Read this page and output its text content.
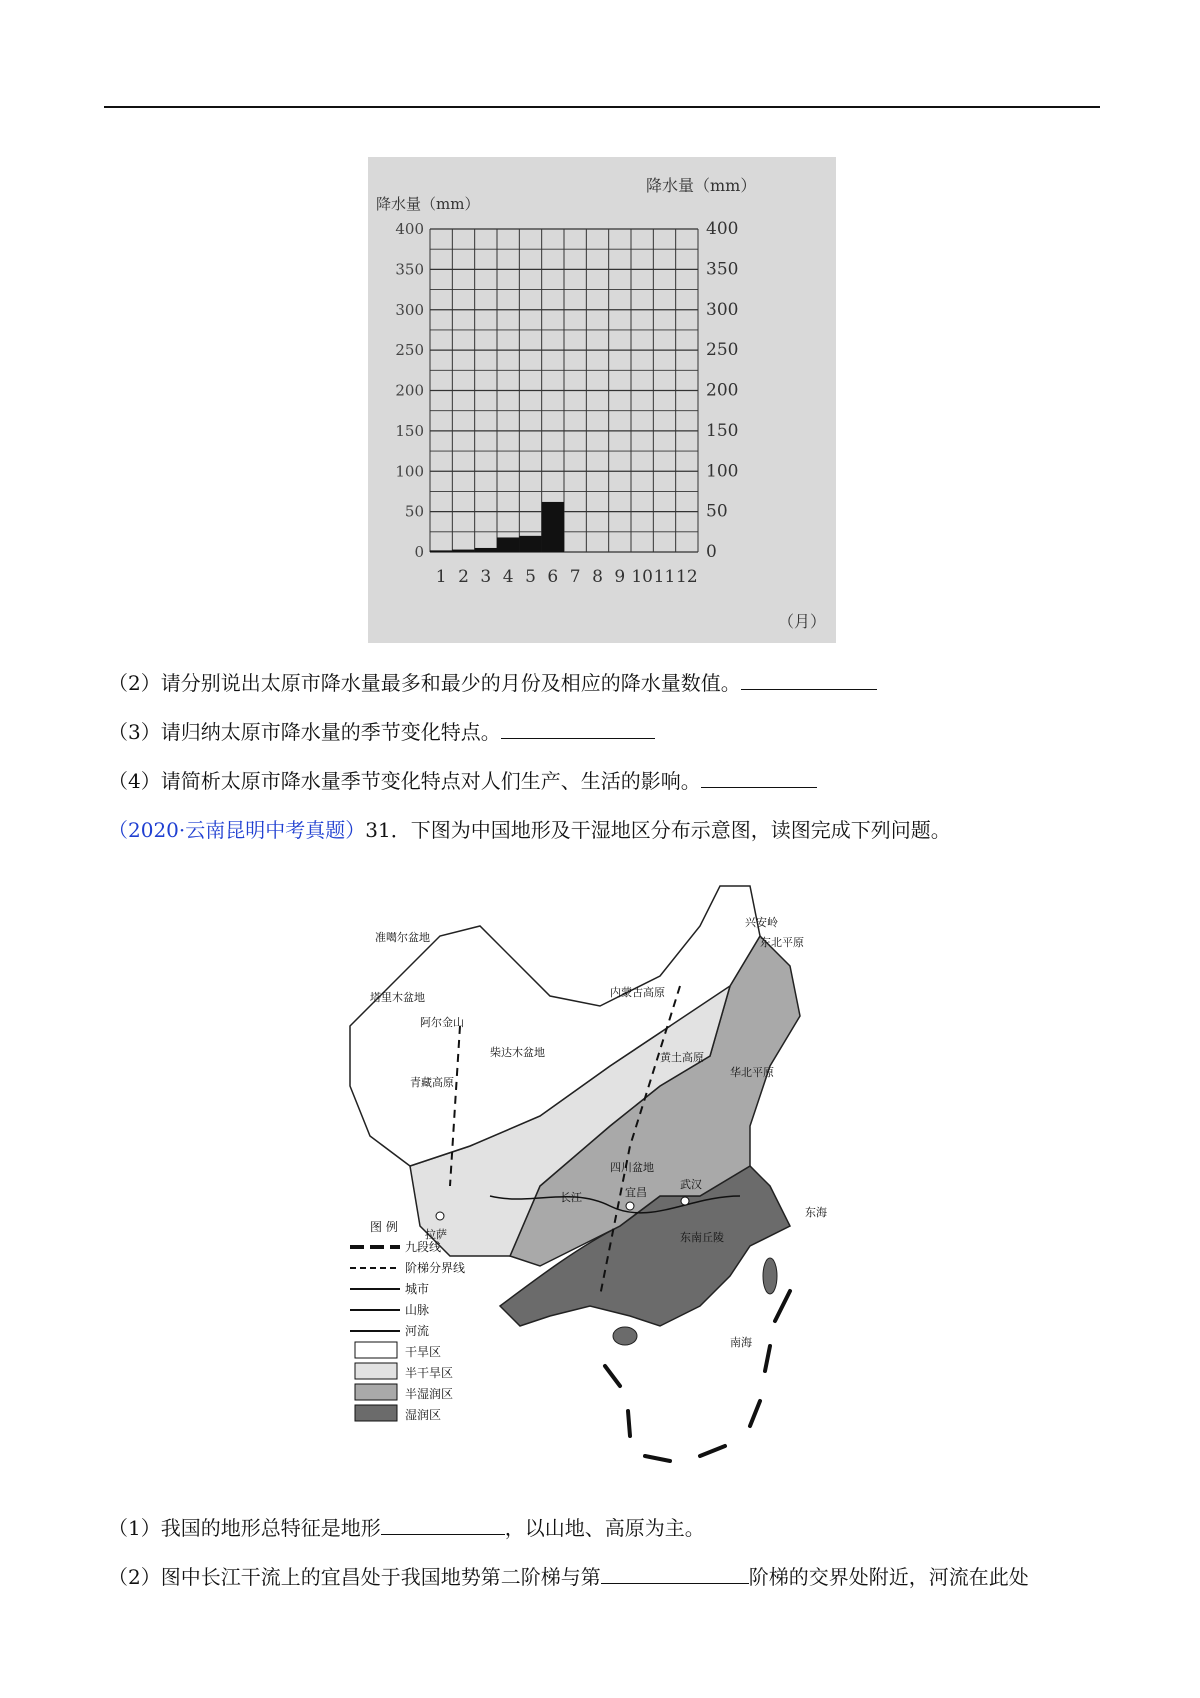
降水量（mm）
降水量（mm）
（月）
0	0
50	50
100	100
150	150
200	200
250	250
300	300
350	350
400	400
1 2 3 4 5 6 7 8 9 10 11 12
（2）请分别说出太原市降水量最多和最少的月份及相应的降水量数值。
（3）请归纳太原市降水量的季节变化特点。
（4）请简析太原市降水量季节变化特点对人们生产、生活的影响。
（2020·云南昆明中考真题）31．下图为中国地形及干湿地区分布示意图，读图完成下列问题。
准噶尔盆地
塔里木盆地
阿尔金山
柴达木盆地
青藏高原
内蒙古高原
拉萨
四川盆地
宜昌
武汉
东南丘陵
黄土高原
东北平原
华北平原
南海
东海
长江
兴安岭
图 例
九段线
阶梯分界线
城市
山脉
河流
干旱区
半干旱区
半湿润区
湿润区
（1）我国的地形总特征是地形	，以山地、高原为主。
（2）图中长江干流上的宜昌处于我国地势第二阶梯与第	阶梯的交界处附近，河流在此处
